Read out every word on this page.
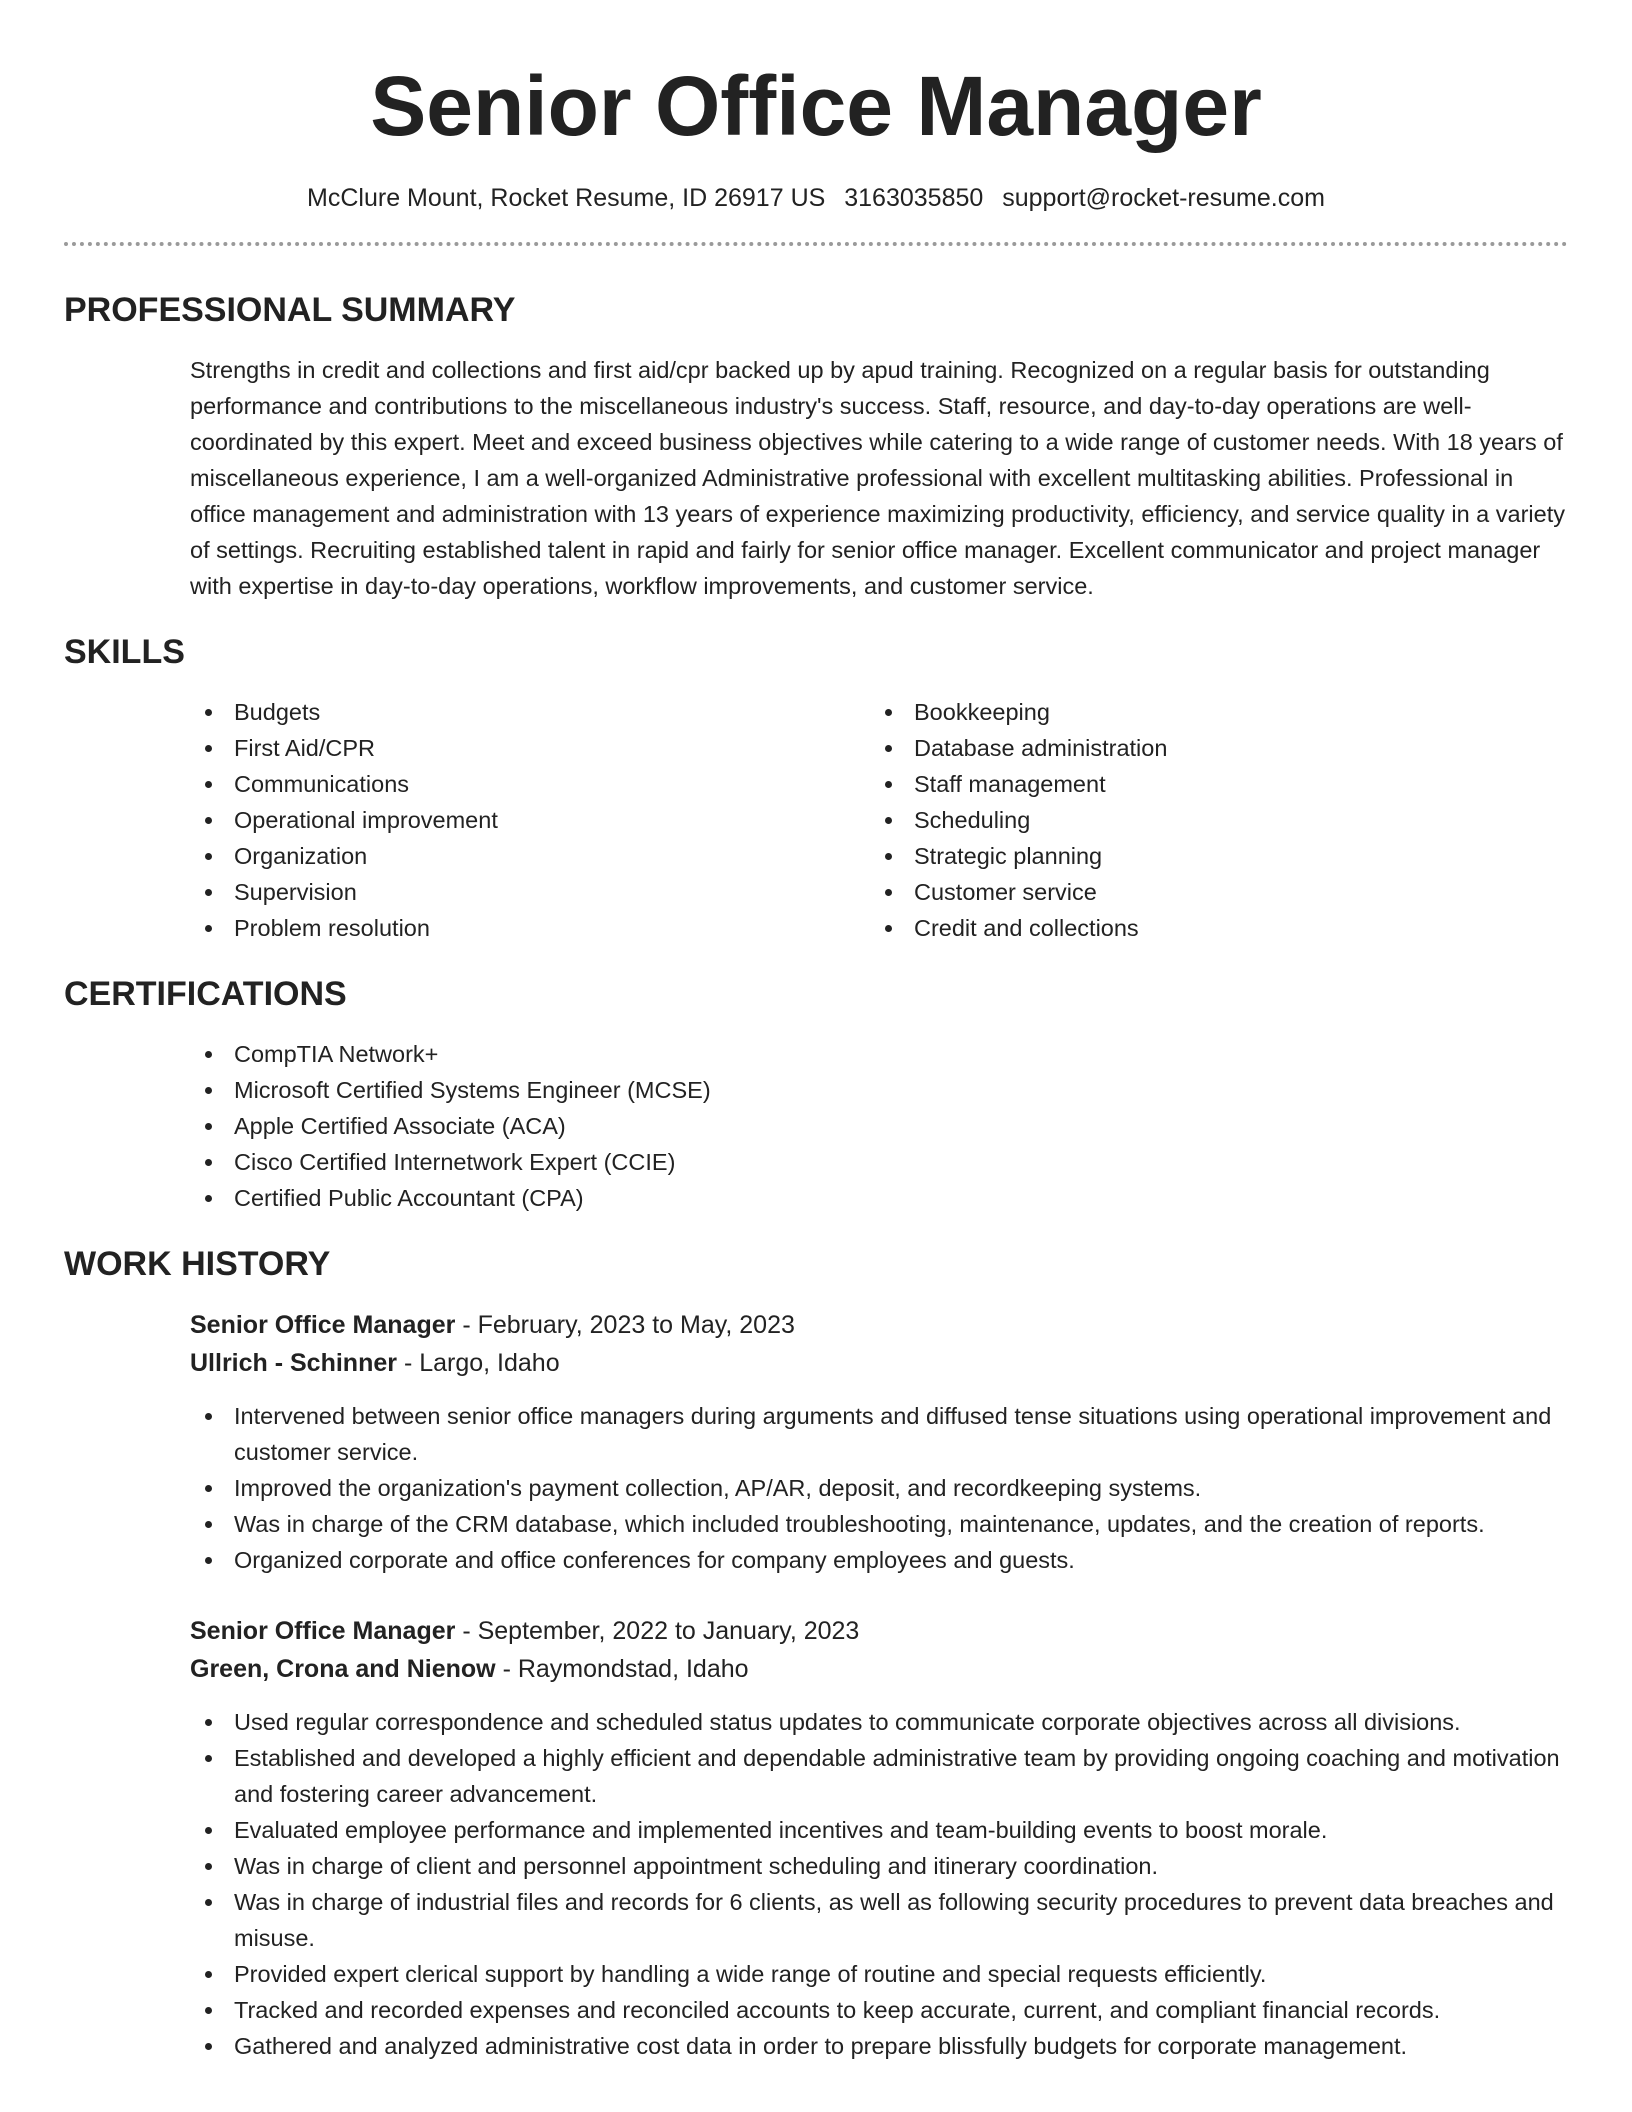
Senior Office Manager
McClure Mount, Rocket Resume, ID 26917 US 3163035850 support@rocket-resume.com
PROFESSIONAL SUMMARY

Strengths in credit and collections and first aid/cpr backed up by apud training. Recognized on a regular basis for outstanding performance and contributions to the miscellaneous industry's success. Staff, resource, and day-to-day operations are well-coordinated by this expert. Meet and exceed business objectives while catering to a wide range of customer needs. With 18 years of miscellaneous experience, I am a well-organized Administrative professional with excellent multitasking abilities. Professional in office management and administration with 13 years of experience maximizing productivity, efficiency, and service quality in a variety of settings. Recruiting established talent in rapid and fairly for senior office manager. Excellent communicator and project manager with expertise in day-to-day operations, workflow improvements, and customer service.

SKILLS
Budgets
First Aid/CPR
Communications
Operational improvement
Organization
Supervision
Problem resolution
Bookkeeping
Database administration
Staff management
Scheduling
Strategic planning
Customer service
Credit and collections
CERTIFICATIONS
CompTIA Network+
Microsoft Certified Systems Engineer (MCSE)
Apple Certified Associate (ACA)
Cisco Certified Internetwork Expert (CCIE)
Certified Public Accountant (CPA)
WORK HISTORY
Senior Office Manager - February, 2023 to May, 2023
Ullrich - Schinner - Largo, Idaho
Intervened between senior office managers during arguments and diffused tense situations using operational improvement and customer service.
Improved the organization's payment collection, AP/AR, deposit, and recordkeeping systems.
Was in charge of the CRM database, which included troubleshooting, maintenance, updates, and the creation of reports.
Organized corporate and office conferences for company employees and guests.
Senior Office Manager - September, 2022 to January, 2023
Green, Crona and Nienow - Raymondstad, Idaho
Used regular correspondence and scheduled status updates to communicate corporate objectives across all divisions.
Established and developed a highly efficient and dependable administrative team by providing ongoing coaching and motivation and fostering career advancement.
Evaluated employee performance and implemented incentives and team-building events to boost morale.
Was in charge of client and personnel appointment scheduling and itinerary coordination.
Was in charge of industrial files and records for 6 clients, as well as following security procedures to prevent data breaches and misuse.
Provided expert clerical support by handling a wide range of routine and special requests efficiently.
Tracked and recorded expenses and reconciled accounts to keep accurate, current, and compliant financial records.
Gathered and analyzed administrative cost data in order to prepare blissfully budgets for corporate management.
